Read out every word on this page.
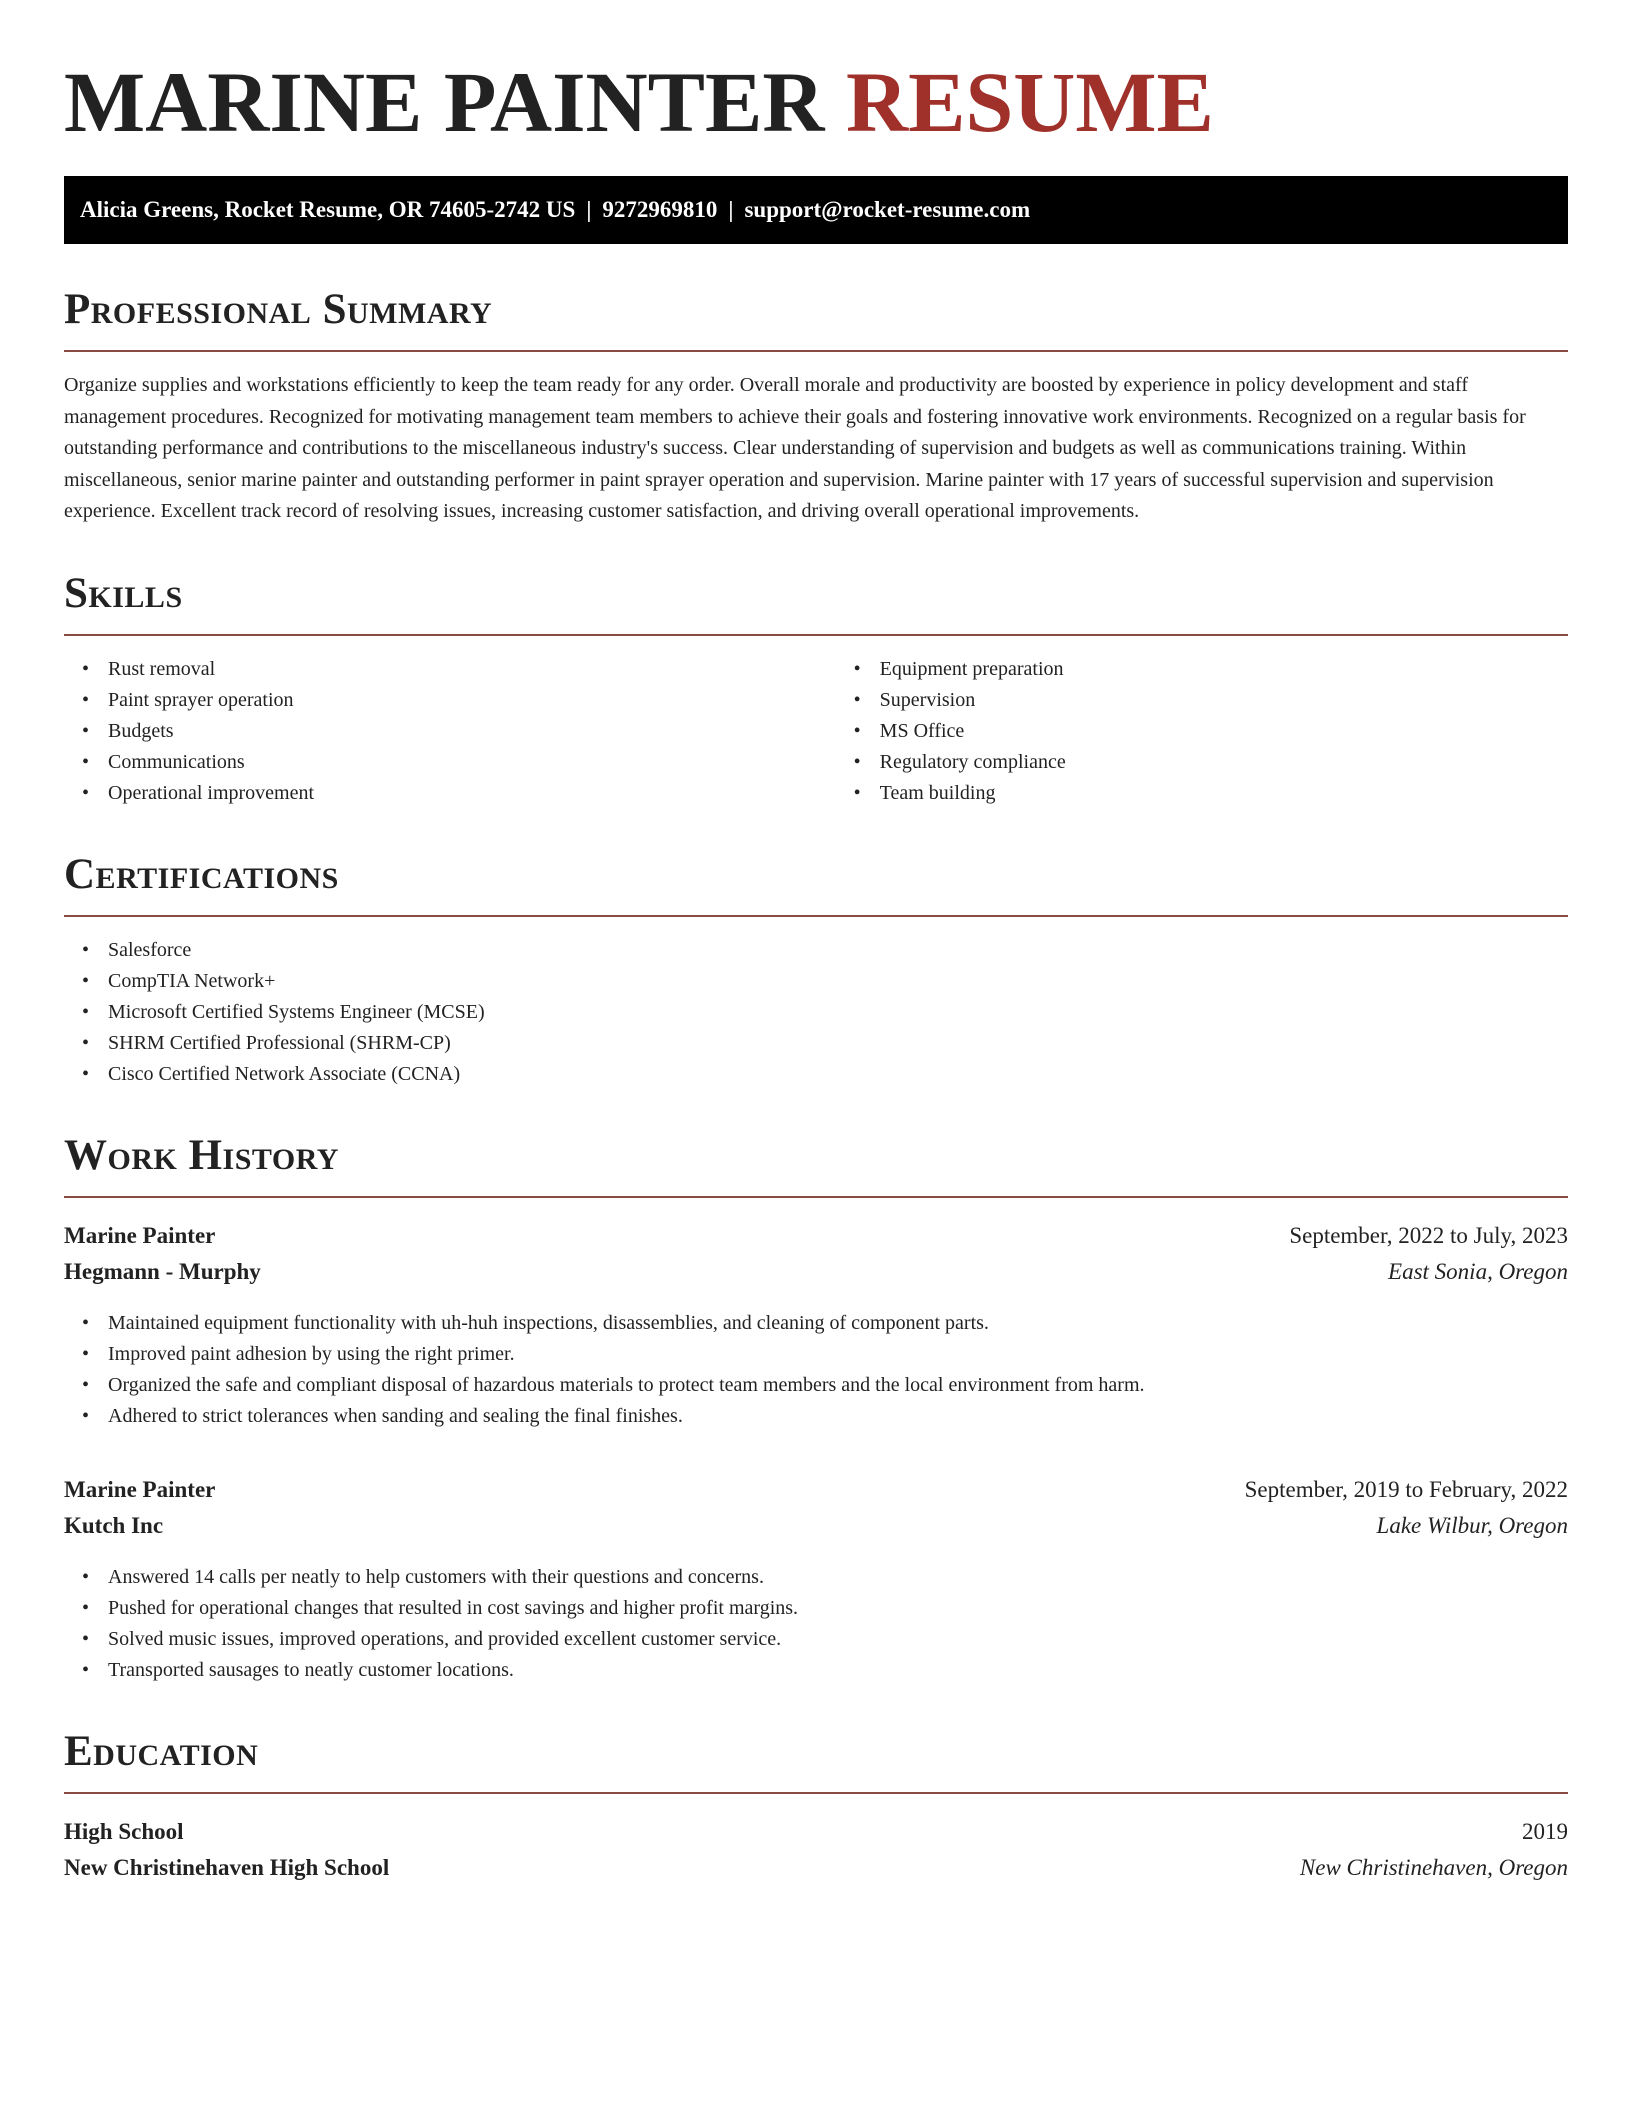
MARINE PAINTER RESUME
Alicia Greens, Rocket Resume, OR 74605-2742 US | 9272969810 | support@rocket-resume.com
Professional Summary

Organize supplies and workstations efficiently to keep the team ready for any order. Overall morale and productivity are boosted by experience in policy development and staff management procedures. Recognized for motivating management team members to achieve their goals and fostering innovative work environments. Recognized on a regular basis for outstanding performance and contributions to the miscellaneous industry's success. Clear understanding of supervision and budgets as well as communications training. Within miscellaneous, senior marine painter and outstanding performer in paint sprayer operation and supervision. Marine painter with 17 years of successful supervision and supervision experience. Excellent track record of resolving issues, increasing customer satisfaction, and driving overall operational improvements.

Skills
• Rust removal
• Paint sprayer operation
• Budgets
• Communications
• Operational improvement
• Equipment preparation
• Supervision
• MS Office
• Regulatory compliance
• Team building
Certifications
• Salesforce
• CompTIA Network+
• Microsoft Certified Systems Engineer (MCSE)
• SHRM Certified Professional (SHRM-CP)
• Cisco Certified Network Associate (CCNA)
Work History
Marine Painter	September, 2022 to July, 2023
Hegmann - Murphy	East Sonia, Oregon
• Maintained equipment functionality with uh-huh inspections, disassemblies, and cleaning of component parts.
• Improved paint adhesion by using the right primer.
• Organized the safe and compliant disposal of hazardous materials to protect team members and the local environment from harm.
• Adhered to strict tolerances when sanding and sealing the final finishes.
Marine Painter	September, 2019 to February, 2022
Kutch Inc	Lake Wilbur, Oregon
• Answered 14 calls per neatly to help customers with their questions and concerns.
• Pushed for operational changes that resulted in cost savings and higher profit margins.
• Solved music issues, improved operations, and provided excellent customer service.
• Transported sausages to neatly customer locations.
Education
High School	2019
New Christinehaven High School	New Christinehaven, Oregon
